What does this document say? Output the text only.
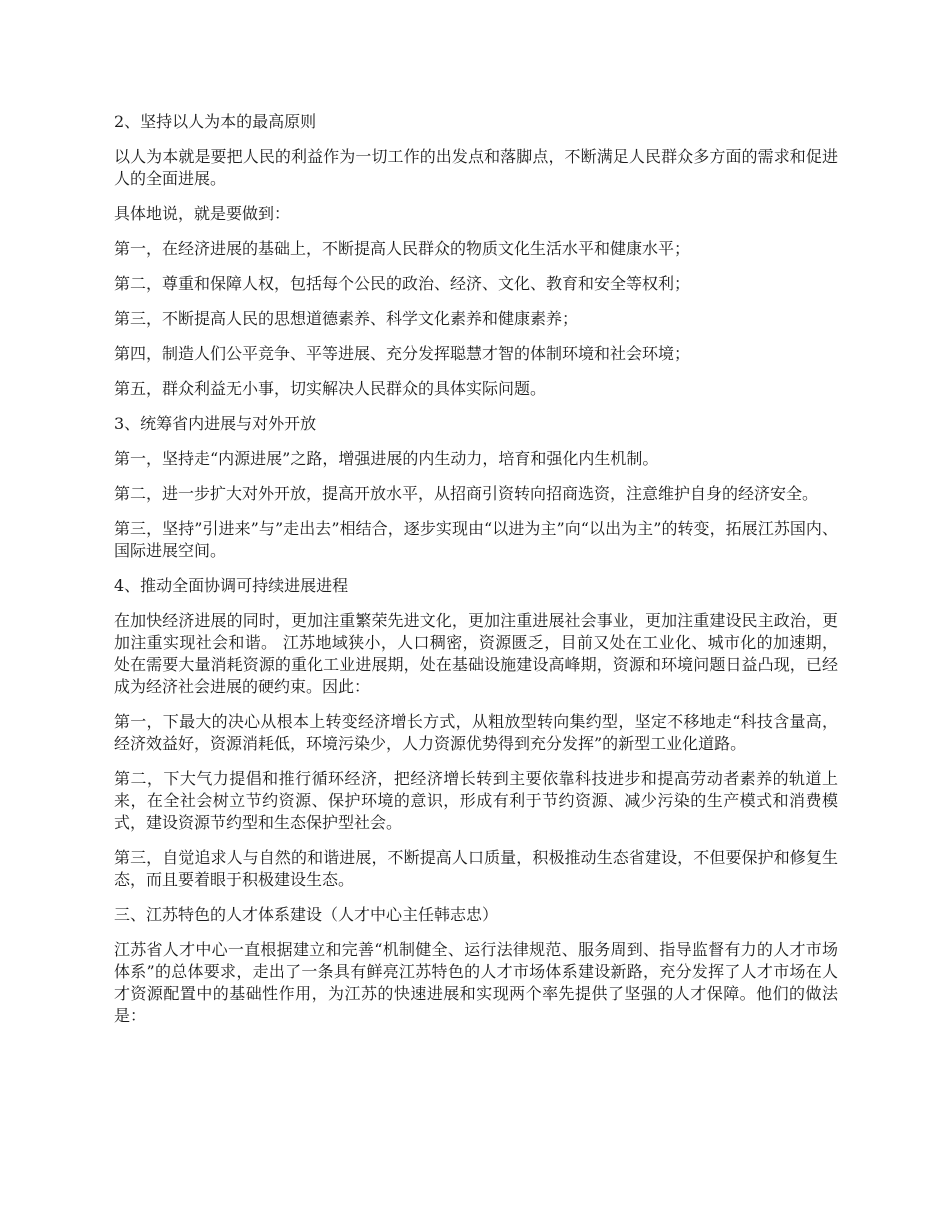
2、坚持以人为本的最高原则

以人为本就是要把人民的利益作为一切工作的出发点和落脚点，不断满足人民群众多方面的需求和促进人的全面进展。

具体地说，就是要做到：

第一，在经济进展的基础上，不断提高人民群众的物质文化生活水平和健康水平；

第二，尊重和保障人权，包括每个公民的政治、经济、文化、教育和安全等权利；

第三，不断提高人民的思想道德素养、科学文化素养和健康素养；

第四，制造人们公平竞争、平等进展、充分发挥聪慧才智的体制环境和社会环境；

第五，群众利益无小事，切实解决人民群众的具体实际问题。

3、统筹省内进展与对外开放

第一，坚持走“内源进展”之路，增强进展的内生动力，培育和强化内生机制。

第二，进一步扩大对外开放，提高开放水平，从招商引资转向招商选资，注意维护自身的经济安全。

第三，坚持”引进来”与”走出去”相结合，逐步实现由“以进为主”向“以出为主”的转变，拓展江苏国内、国际进展空间。

4、推动全面协调可持续进展进程

在加快经济进展的同时，更加注重繁荣先进文化，更加注重进展社会事业，更加注重建设民主政治，更加注重实现社会和谐。 江苏地域狭小，人口稠密，资源匮乏，目前又处在工业化、城市化的加速期，处在需要大量消耗资源的重化工业进展期，处在基础设施建设高峰期，资源和环境问题日益凸现，已经成为经济社会进展的硬约束。因此：

第一，下最大的决心从根本上转变经济增长方式，从粗放型转向集约型，坚定不移地走“科技含量高，经济效益好，资源消耗低，环境污染少，人力资源优势得到充分发挥”的新型工业化道路。

第二，下大气力提倡和推行循环经济，把经济增长转到主要依靠科技进步和提高劳动者素养的轨道上来，在全社会树立节约资源、保护环境的意识，形成有利于节约资源、减少污染的生产模式和消费模式，建设资源节约型和生态保护型社会。

第三，自觉追求人与自然的和谐进展，不断提高人口质量，积极推动生态省建设，不但要保护和修复生态，而且要着眼于积极建设生态。

三、江苏特色的人才体系建设（人才中心主任韩志忠）

江苏省人才中心一直根据建立和完善“机制健全、运行法律规范、服务周到、指导监督有力的人才市场体系”的总体要求，走出了一条具有鲜亮江苏特色的人才市场体系建设新路，充分发挥了人才市场在人才资源配置中的基础性作用，为江苏的快速进展和实现两个率先提供了坚强的人才保障。他们的做法是：
